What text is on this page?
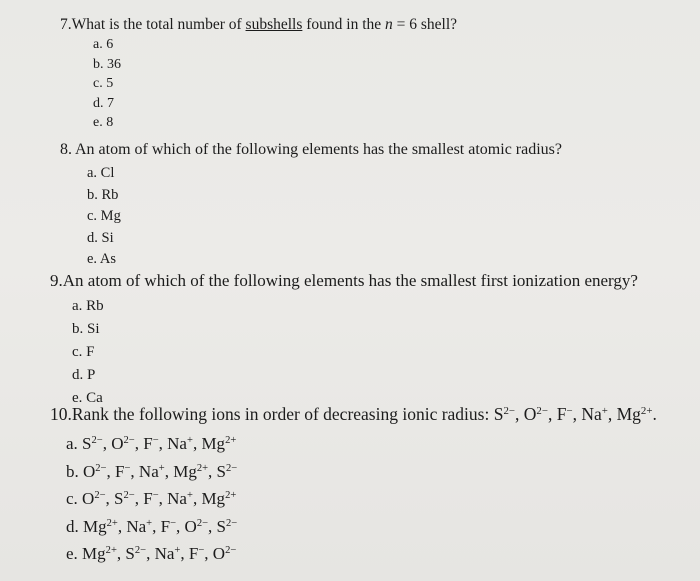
7.What is the total number of subshells found in the n = 6 shell?
a. 6
b. 36
c. 5
d. 7
e. 8
8. An atom of which of the following elements has the smallest atomic radius?
a. Cl
b. Rb
c. Mg
d. Si
e. As
9.An atom of which of the following elements has the smallest first ionization energy?
a. Rb
b. Si
c. F
d. P
e. Ca
10.Rank the following ions in order of decreasing ionic radius: $S^{2-}$, $O^{2-}$, F−, Na+, $Mg^{2+}$.
a. $S^{2-}$, $O^{2-}$, F−, Na+, $Mg^{2+}$
b. $O^{2-}$, F−, Na+, $Mg^{2+}$, $S^{2-}$
c. $O^{2-}$, $S^{2-}$, F−, Na+, $Mg^{2+}$
d. $Mg^{2+}$, Na+, F−, $O^{2-}$, $S^{2-}$
e. $Mg^{2+}$, $S^{2-}$, Na+, F−, $O^{2-}$
